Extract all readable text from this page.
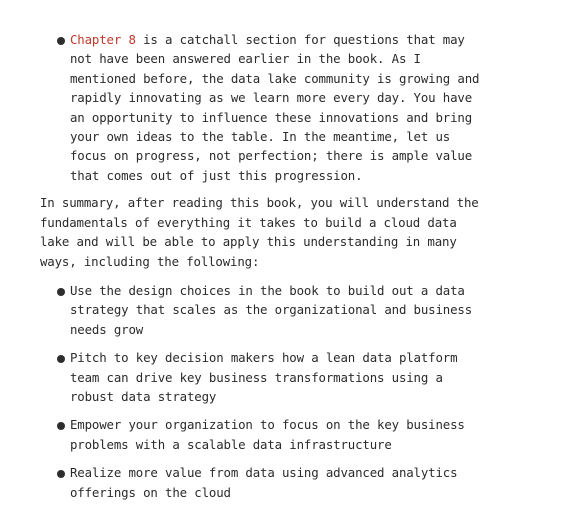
Chapter 8 is a catchall section for questions that may
not have been answered earlier in the book. As I
mentioned before, the data lake community is growing and
rapidly innovating as we learn more every day. You have
an opportunity to influence these innovations and bring
your own ideas to the table. In the meantime, let us
focus on progress, not perfection; there is ample value
that comes out of just this progression.

In summary, after reading this book, you will understand the
fundamentals of everything it takes to build a cloud data
lake and will be able to apply this understanding in many
ways, including the following:

Use the design choices in the book to build out a data
strategy that scales as the organizational and business
needs grow
Pitch to key decision makers how a lean data platform
team can drive key business transformations using a
robust data strategy
Empower your organization to focus on the key business
problems with a scalable data infrastructure
Realize more value from data using advanced analytics
offerings on the cloud
